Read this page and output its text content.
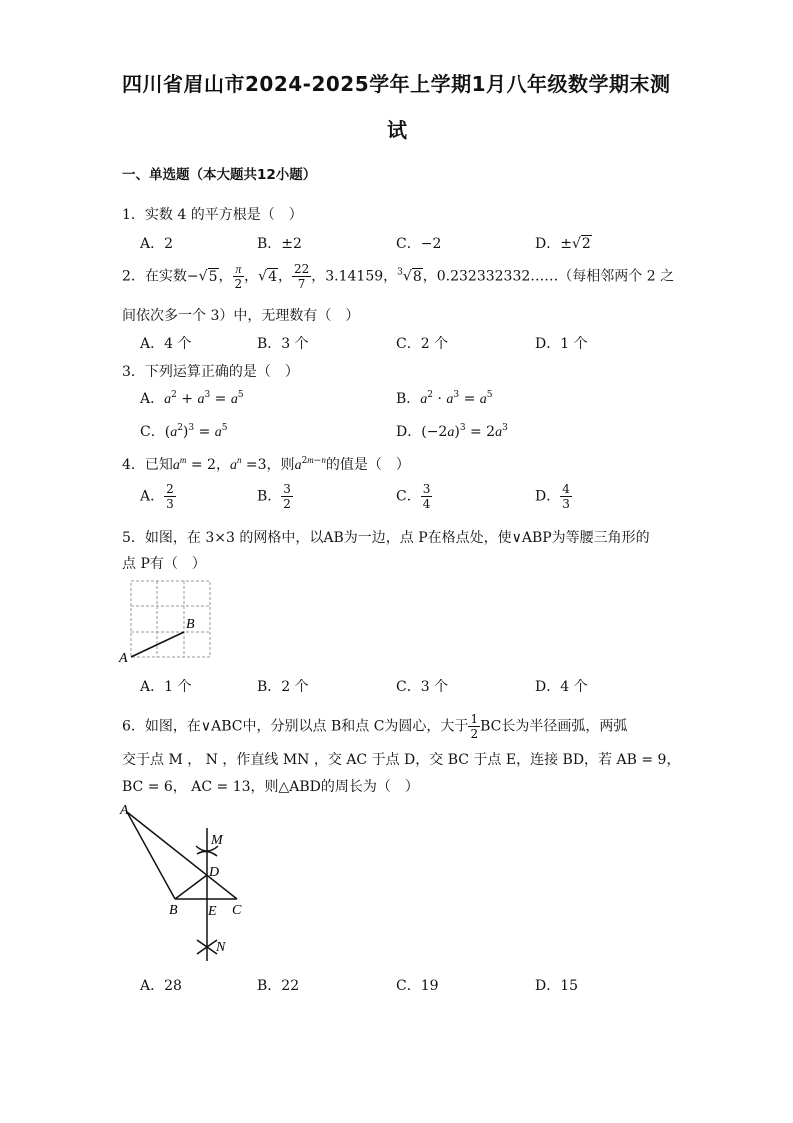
四川省眉山市2024-2025学年上学期1月八年级数学期末测
试
一、单选题（本大题共12小题）
1．实数 4 的平方根是（　）
A．2	B．±2	C．−2	D．±√2
2．在实数−√5， $\frac{\pi}{2}$ ，√4， $\frac{22}{7}$ ，3.14159，$^3$√8，0.232332332……（每相邻两个 2 之
间依次多一个 3）中，无理数有（　）
A．4 个	B．3 个	C．2 个	D．1 个
3．下列运算正确的是（　）
A．$a^2 + a^3 = a^5$	B．$a^2 \cdot a^3 = a^5$
C．$(a^2)^3 = a^5$	D．$(-2a)^3 = 2a^3$
4．已知$a^m = 2$，$a^n =3$，则$a^{2m-n}$的值是（　）
A． $\frac{2}{3}$	B． $\frac{3}{2}$	C． $\frac{3}{4}$	D． $\frac{4}{3}$
5．如图，在 3×3 的网格中，以AB为一边，点 P在格点处，使∨ABP为等腰三角形的
点 P有（　）
A
B
A．1 个	B．2 个	C．3 个	D．4 个
6．如图，在∨ABC中，分别以点 B和点 C为圆心，大于 $\frac{1}{2}$ BC长为半径画弧，两弧
交于点 M ， N ，作直线 MN ，交 AC 于点 D，交 BC 于点 E，连接 BD，若 AB = 9，
BC = 6， AC = 13，则△ABD的周长为（　）
A
M
D
B E C
N
A．28	B．22	C．19	D．15
